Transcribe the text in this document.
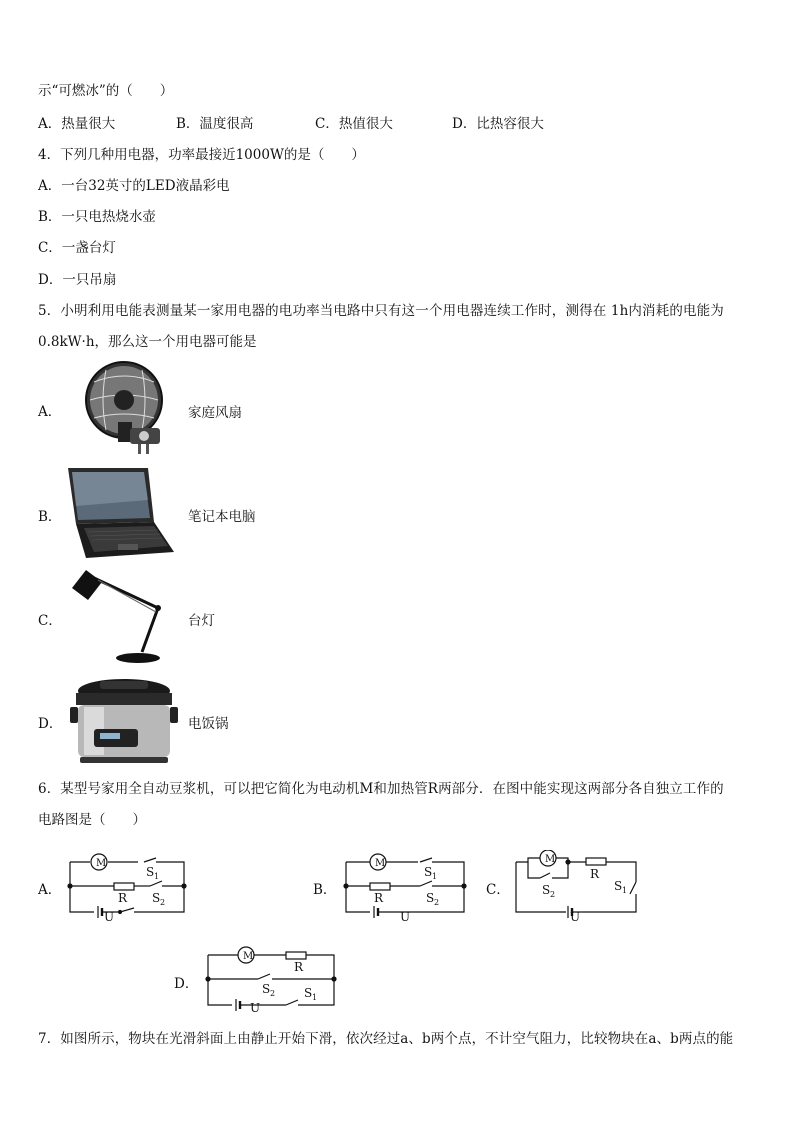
示“可燃冰”的（　　）
A．热量很大	B．温度很高	C．热值很大	D．比热容很大
4．下列几种用电器，功率最接近1000W的是（　　）
A．一台32英寸的LED液晶彩电
B．一只电热烧水壶
C．一盏台灯
D．一只吊扇
5．小明利用电能表测量某一家用电器的电功率当电路中只有这一个用电器连续工作时，测得在 1h内消耗的电能为
0.8kW·h，那么这一个用电器可能是
A．	家庭风扇
B．	笔记本电脑
C．	台灯
D．	电饭锅
6．某型号家用全自动豆浆机，可以把它简化为电动机M和加热管R两部分．在图中能实现这两部分各自独立工作的
电路图是（　　）
A．
M
S 1
R S 2
U
B．
M
S 1
R	S 2
U
C．
M
R
S 1
S 2
U
D．
M
R
S 2 S 1
U
7．如图所示，物块在光滑斜面上由静止开始下滑，依次经过a、b两个点，不计空气阻力，比较物块在a、b两点的能
